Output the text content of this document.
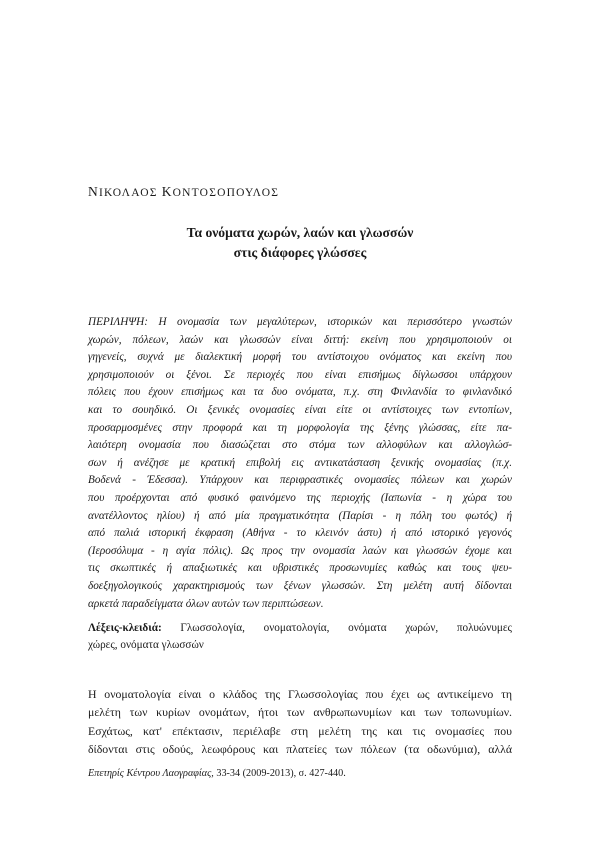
ΝΙΚΟΛΑΟΣ ΚΟΝΤΟΣΟΠΟΥΛΟΣ
Τα ονόματα χωρών, λαών και γλωσσών
στις διάφορες γλώσσες
ΠΕΡΙΛΗΨΗ: Η ονομασία των μεγαλύτερων, ιστορικών και περισσότερο γνωστών
χωρών, πόλεων, λαών και γλωσσών είναι διττή: εκείνη που χρησιμοποιούν οι
γηγενείς, συχνά με διαλεκτική μορφή του αντίστοιχου ονόματος και εκείνη που
χρησιμοποιούν οι ξένοι. Σε περιοχές που είναι επισήμως δίγλωσσοι υπάρχουν
πόλεις που έχουν επισήμως και τα δυο ονόματα, π.χ. στη Φινλανδία το φινλανδικό
και το σουηδικό. Οι ξενικές ονομασίες είναι είτε οι αντίστοιχες των εντοπίων,
προσαρμοσμένες στην προφορά και τη μορφολογία της ξένης γλώσσας, είτε πα-
λαιότερη ονομασία που διασώζεται στο στόμα των αλλοφύλων και αλλογλώσ-
σων ή ανέζησε με κρατική επιβολή εις αντικατάσταση ξενικής ονομασίας (π.χ.
Βοδενά - Έδεσσα). Υπάρχουν και περιφραστικές ονομασίες πόλεων και χωρών
που προέρχονται από φυσικό φαινόμενο της περιοχής (Ιαπωνία - η χώρα του
ανατέλλοντος ηλίου) ή από μία πραγματικότητα (Παρίσι - η πόλη του φωτός) ή
από παλιά ιστορική έκφραση (Αθήνα - το κλεινόν άστυ) ή από ιστορικό γεγονός
(Ιεροσόλυμα - η αγία πόλις). Ως προς την ονομασία λαών και γλωσσών έχομε και
τις σκωπτικές ή απαξιωτικές και υβριστικές προσωνυμίες καθώς και τους ψευ-
δοεξηγολογικούς χαρακτηρισμούς των ξένων γλωσσών. Στη μελέτη αυτή δίδονται
αρκετά παραδείγματα όλων αυτών των περιπτώσεων.
Λέξεις-κλειδιά: Γλωσσολογία, ονοματολογία, ονόματα χωρών, πολυώνυμες
χώρες, ονόματα γλωσσών
Η ονοματολογία είναι ο κλάδος της Γλωσσολογίας που έχει ως αντικείμενο τη
μελέτη των κυρίων ονομάτων, ήτοι των ανθρωπωνυμίων και των τοπωνυμίων.
Εσχάτως, κατ' επέκτασιν, περιέλαβε στη μελέτη της και τις ονομασίες που
δίδονται στις οδούς, λεωφόρους και πλατείες των πόλεων (τα οδωνύμια), αλλά
Επετηρίς Κέντρου Λαογραφίας, 33-34 (2009-2013), σ. 427-440.
